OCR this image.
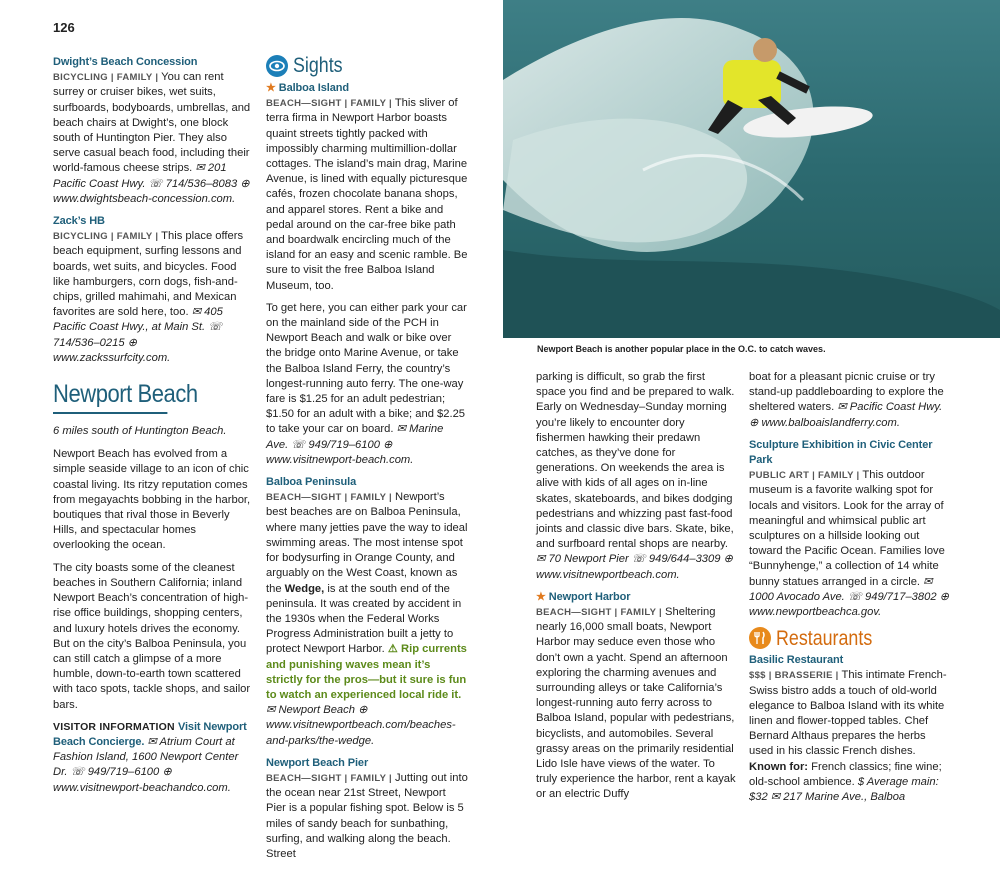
126

Dwight’s Beach Concession
BICYCLING | FAMILY | You can rent surrey or cruiser bikes, wet suits, surfboards, bodyboards, umbrellas, and beach chairs at Dwight’s, one block south of Huntington Pier. They also serve casual beach food, including their world-famous cheese strips. ✉ 201 Pacific Coast Hwy. ☏ 714/536–8083 ⊕ www.dwightsbeach-concession.com.

Zack’s HB
BICYCLING | FAMILY | This place offers beach equipment, surfing lessons and boards, wet suits, and bicycles. Food like hamburgers, corn dogs, fish-and-chips, grilled mahimahi, and Mexican favorites are sold here, too. ✉ 405 Pacific Coast Hwy., at Main St. ☏ 714/536–0215 ⊕ www.zackssurfcity.com.

Newport Beach
6 miles south of Huntington Beach.

Newport Beach has evolved from a simple seaside village to an icon of chic coastal living. Its ritzy reputation comes from megayachts bobbing in the harbor, boutiques that rival those in Beverly Hills, and spectacular homes overlooking the ocean.

The city boasts some of the cleanest beaches in Southern California; inland Newport Beach’s concentration of high-rise office buildings, shopping centers, and luxury hotels drives the economy. But on the city’s Balboa Peninsula, you can still catch a glimpse of a more humble, down-to-earth town scattered with taco spots, tackle shops, and sailor bars.

VISITOR INFORMATION Visit Newport Beach Concierge. ✉ Atrium Court at Fashion Island, 1600 Newport Center Dr. ☏ 949/719–6100 ⊕ www.visitnewport-beachandco.com.

Sights

★ Balboa Island
BEACH—SIGHT | FAMILY | This sliver of terra firma in Newport Harbor boasts quaint streets tightly packed with impossibly charming multimillion-dollar cottages. The island’s main drag, Marine Avenue, is lined with equally picturesque cafés, frozen chocolate banana shops, and apparel stores. Rent a bike and pedal around on the car-free bike path and boardwalk encircling much of the island for an easy and scenic ramble. Be sure to visit the free Balboa Island Museum, too.

To get here, you can either park your car on the mainland side of the PCH in Newport Beach and walk or bike over the bridge onto Marine Avenue, or take the Balboa Island Ferry, the country’s longest-running auto ferry. The one-way fare is $1.25 for an adult pedestrian; $1.50 for an adult with a bike; and $2.25 to take your car on board. ✉ Marine Ave. ☏ 949/719–6100 ⊕ www.visitnewport-beach.com.

Balboa Peninsula
BEACH—SIGHT | FAMILY | Newport’s best beaches are on Balboa Peninsula, where many jetties pave the way to ideal swimming areas. The most intense spot for bodysurfing in Orange County, and arguably on the West Coast, known as the Wedge, is at the south end of the peninsula. It was created by accident in the 1930s when the Federal Works Progress Administration built a jetty to protect Newport Harbor. ⚠ Rip currents and punishing waves mean it’s strictly for the pros—but it sure is fun to watch an experienced local ride it. ✉ Newport Beach ⊕ www.visitnewportbeach.com/beaches-and-parks/the-wedge.

Newport Beach Pier
BEACH—SIGHT | FAMILY | Jutting out into the ocean near 21st Street, Newport Pier is a popular fishing spot. Below is 5 miles of sandy beach for sunbathing, surfing, and walking along the beach. Street

Newport Beach is another popular place in the O.C. to catch waves.

parking is difficult, so grab the first space you find and be prepared to walk. Early on Wednesday–Sunday morning you’re likely to encounter dory fishermen hawking their predawn catches, as they’ve done for generations. On weekends the area is alive with kids of all ages on in-line skates, skateboards, and bikes dodging pedestrians and whizzing past fast-food joints and classic dive bars. Skate, bike, and surfboard rental shops are nearby. ✉ 70 Newport Pier ☏ 949/644–3309 ⊕ www.visitnewportbeach.com.

★ Newport Harbor
BEACH—SIGHT | FAMILY | Sheltering nearly 16,000 small boats, Newport Harbor may seduce even those who don’t own a yacht. Spend an afternoon exploring the charming avenues and surrounding alleys or take California’s longest-running auto ferry across to Balboa Island, popular with pedestrians, bicyclists, and automobiles. Several grassy areas on the primarily residential Lido Isle have views of the water. To truly experience the harbor, rent a kayak or an electric Duffy

boat for a pleasant picnic cruise or try stand-up paddleboarding to explore the sheltered waters. ✉ Pacific Coast Hwy. ⊕ www.balboaislandferry.com.

Sculpture Exhibition in Civic Center Park
PUBLIC ART | FAMILY | This outdoor museum is a favorite walking spot for locals and visitors. Look for the array of meaningful and whimsical public art sculptures on a hillside looking out toward the Pacific Ocean. Families love “Bunnyhenge,” a collection of 14 white bunny statues arranged in a circle. ✉ 1000 Avocado Ave. ☏ 949/717–3802 ⊕ www.newportbeachca.gov.

Restaurants

Basilic Restaurant
$$$ | BRASSERIE | This intimate French-Swiss bistro adds a touch of old-world elegance to Balboa Island with its white linen and flower-topped tables. Chef Bernard Althaus prepares the herbs used in his classic French dishes. Known for: French classics; fine wine; old-school ambience. $ Average main: $32 ✉ 217 Marine Ave., Balboa
